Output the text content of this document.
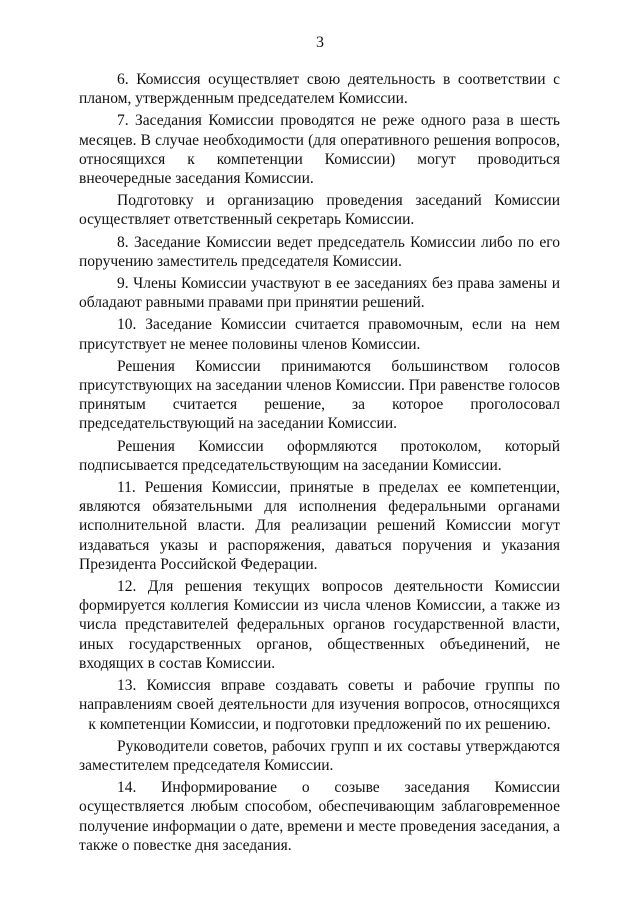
3

6. Комиссия осуществляет свою деятельность в соответствии с планом, утвержденным председателем Комиссии.

7. Заседания Комиссии проводятся не реже одного раза в шесть месяцев. В случае необходимости (для оперативного решения вопросов, относящихся к компетенции Комиссии) могут проводиться внеочередные заседания Комиссии.

Подготовку и организацию проведения заседаний Комиссии осуществляет ответственный секретарь Комиссии.

8. Заседание Комиссии ведет председатель Комиссии либо по его поручению заместитель председателя Комиссии.

9. Члены Комиссии участвуют в ее заседаниях без права замены и обладают равными правами при принятии решений.

10. Заседание Комиссии считается правомочным, если на нем присутствует не менее половины членов Комиссии.

Решения Комиссии принимаются большинством голосов присутствующих на заседании членов Комиссии. При равенстве голосов принятым считается решение, за которое проголосовал председательствующий на заседании Комиссии.

Решения Комиссии оформляются протоколом, который подписывается председательствующим на заседании Комиссии.

11. Решения Комиссии, принятые в пределах ее компетенции, являются обязательными для исполнения федеральными органами исполнительной власти. Для реализации решений Комиссии могут издаваться указы и распоряжения, даваться поручения и указания Президента Российской Федерации.

12. Для решения текущих вопросов деятельности Комиссии формируется коллегия Комиссии из числа членов Комиссии, а также из числа представителей федеральных органов государственной власти, иных государственных органов, общественных объединений, не входящих в состав Комиссии.

13. Комиссия вправе создавать советы и рабочие группы по направлениям своей деятельности для изучения вопросов, относящихся к компетенции Комиссии, и подготовки предложений по их решению.

Руководители советов, рабочих групп и их составы утверждаются заместителем председателя Комиссии.

14. Информирование о созыве заседания Комиссии осуществляется любым способом, обеспечивающим заблаговременное получение информации о дате, времени и месте проведения заседания, а также о повестке дня заседания.
